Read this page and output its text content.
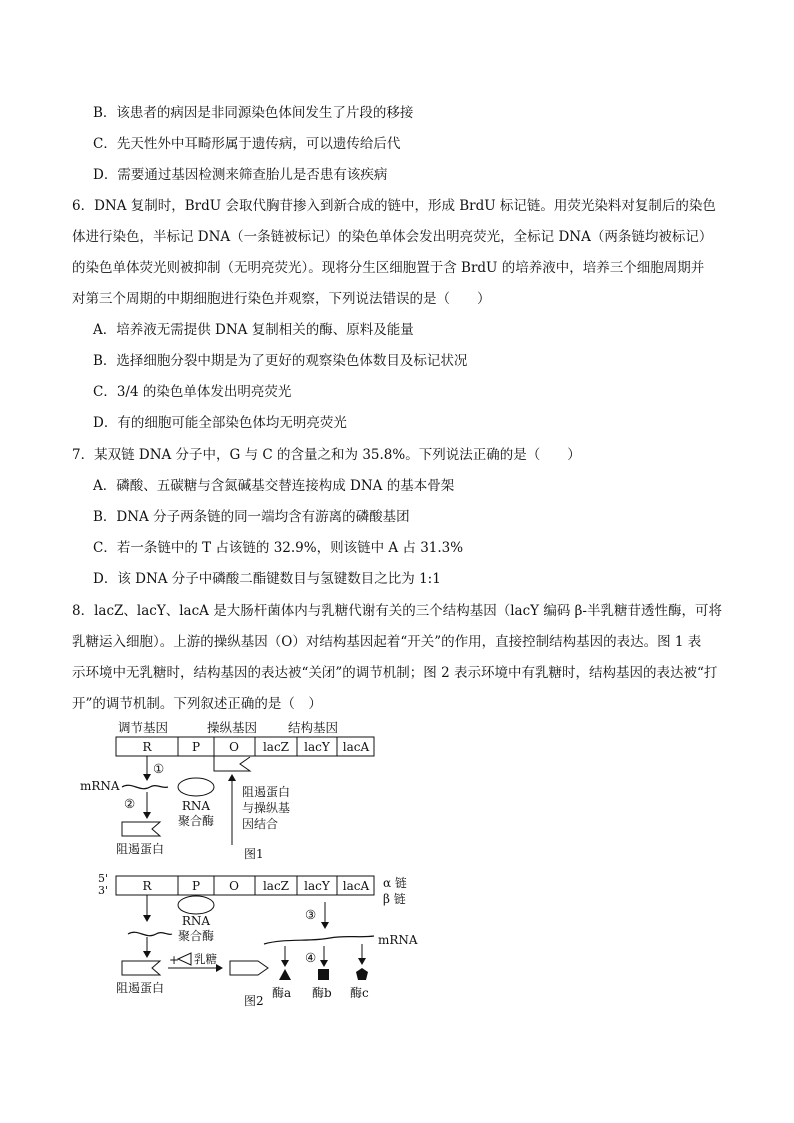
B．该患者的病因是非同源染色体间发生了片段的移接
C．先天性外中耳畸形属于遗传病，可以遗传给后代
D．需要通过基因检测来筛查胎儿是否患有该疾病
6．DNA 复制时，BrdU 会取代胸苷掺入到新合成的链中，形成 BrdU 标记链。用荧光染料对复制后的染色
体进行染色，半标记 DNA（一条链被标记）的染色单体会发出明亮荧光，全标记 DNA（两条链均被标记）
的染色单体荧光则被抑制（无明亮荧光）。现将分生区细胞置于含 BrdU 的培养液中，培养三个细胞周期并
对第三个周期的中期细胞进行染色并观察，下列说法错误的是（　　）
A．培养液无需提供 DNA 复制相关的酶、原料及能量
B．选择细胞分裂中期是为了更好的观察染色体数目及标记状况
C．3/4 的染色单体发出明亮荧光
D．有的细胞可能全部染色体均无明亮荧光
7．某双链 DNA 分子中，G 与 C 的含量之和为 35.8%。下列说法正确的是（　　）
A．磷酸、五碳糖与含氮碱基交替连接构成 DNA 的基本骨架
B．DNA 分子两条链的同一端均含有游离的磷酸基团
C．若一条链中的 T 占该链的 32.9%，则该链中 A 占 31.3%
D．该 DNA 分子中磷酸二酯键数目与氢键数目之比为 1:1
8．lacZ、lacY、lacA 是大肠杆菌体内与乳糖代谢有关的三个结构基因（lacY 编码 β-半乳糖苷透性酶，可将
乳糖运入细胞）。上游的操纵基因（O）对结构基因起着“开关”的作用，直接控制结构基因的表达。图 1 表
示环境中无乳糖时，结构基因的表达被“关闭”的调节机制；图 2 表示环境中有乳糖时，结构基因的表达被“打
开”的调节机制。下列叙述正确的是（　）
调节基因	操纵基因 结构基因
R	P O lacZ lacY lacA
①
mRNA
RNA
聚合酶
②
阻遏蛋白
阻遏蛋白
与操纵基
因结合
图1
5'
3'	R	P O lacZ lacY lacA α 链
β 链
RNA
聚合酶
阻遏蛋白
+ 乳糖
图2
③
mRNA
④
酶a 酶b 酶c
